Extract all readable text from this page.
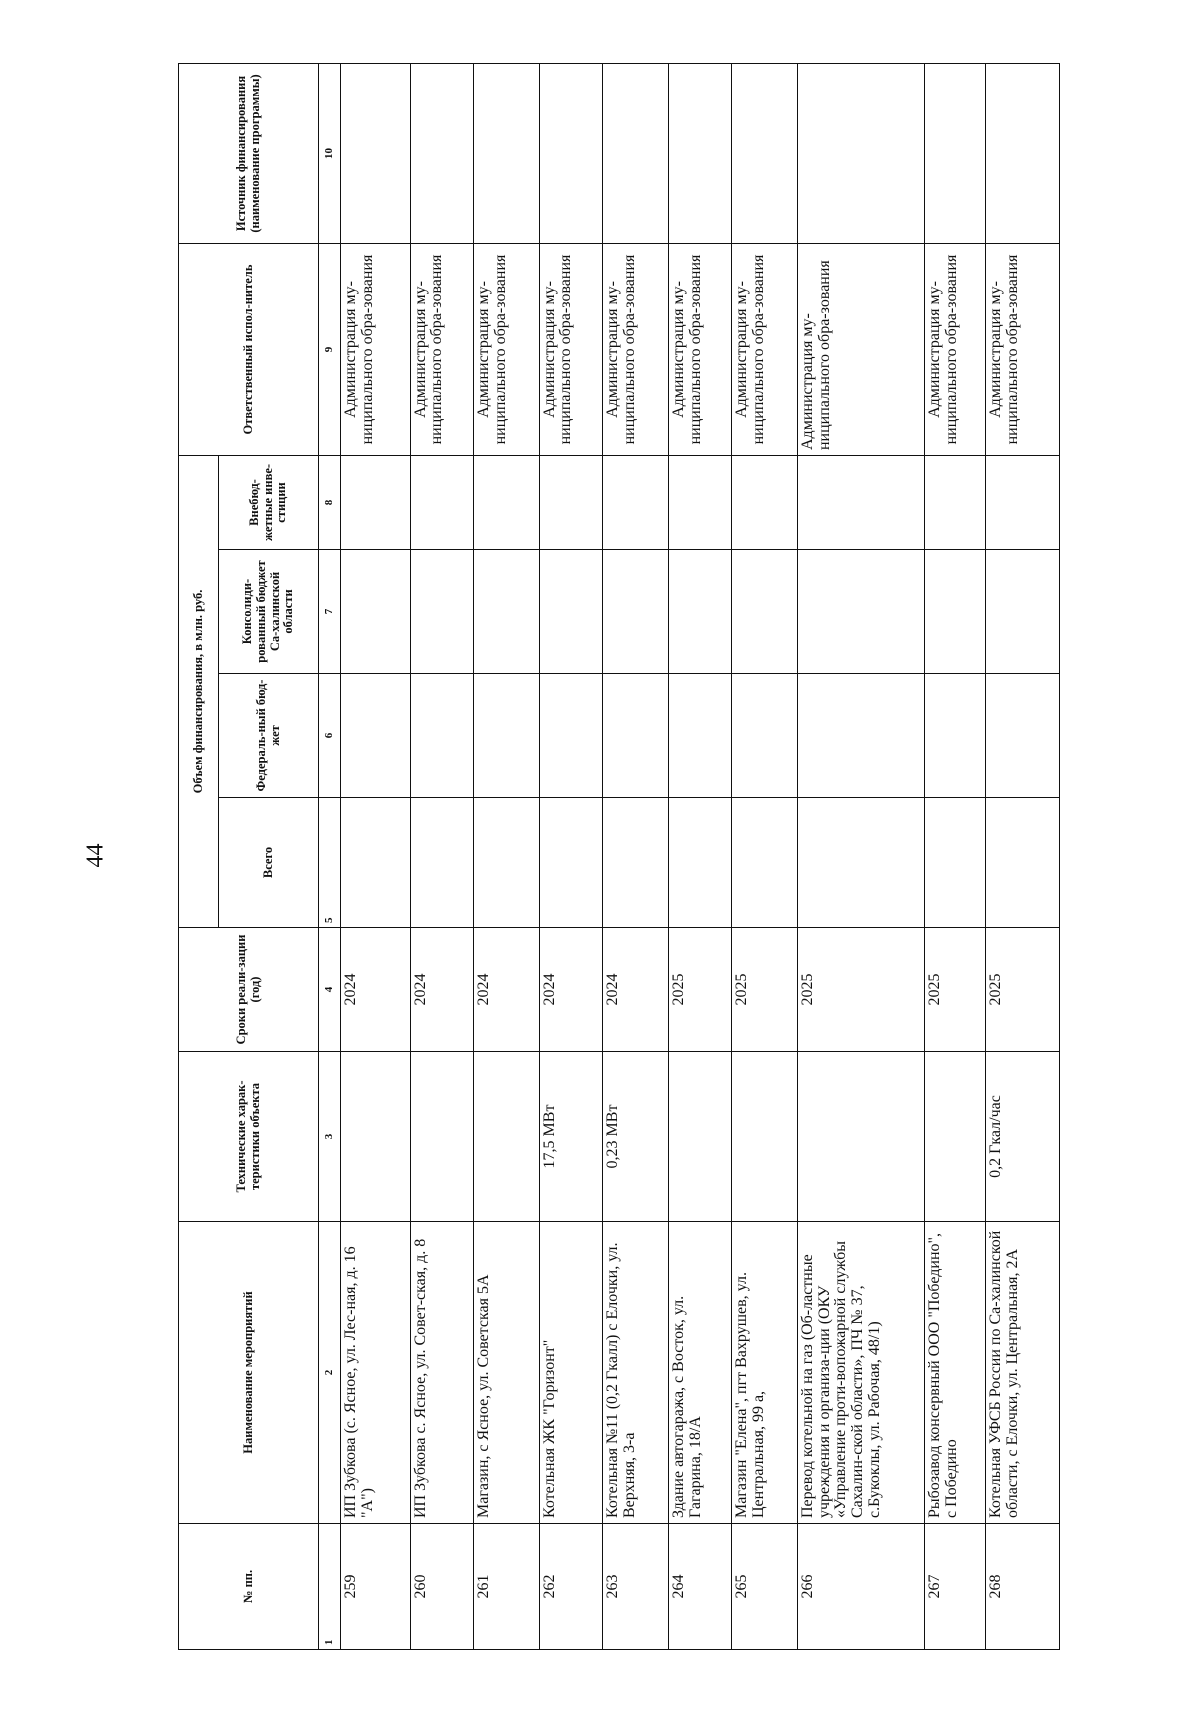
44
№ пп.	Наименование мероприятий	Технические харак-теристики объекта	Сроки реали-зации (год)	Объем финансирования, в млн. руб.				Ответственный испол-нитель	Источник финансирования (наименование программы)
				Всего	Федераль-ный бюд-жет	Консолиди-рованный бюджет Са-халинской области	Внебюд-жетные инве-стиции		
1	2	3	4	5	6	7	8	9	10
259	ИП Зубкова (с. Ясное, ул. Лес-ная, д. 16 "А")		2024					Администрация му-ниципального обра-зования	
260	ИП Зубкова с. Ясное, ул. Совет-ская, д. 8		2024					Администрация му-ниципального обра-зования	
261	Магазин, с Ясное, ул. Советская 5А		2024					Администрация му-ниципального обра-зования	
262	Котельная ЖК "Горизонт"	17,5 МВт	2024					Администрация му-ниципального обра-зования	
263	Котельная №11 (0,2 Гкалл) с Елочки, ул. Верхняя, 3-а	0,23 МВт	2024					Администрация му-ниципального обра-зования	
264	Здание автогаража, с Восток, ул. Гагарина, 18/А		2025					Администрация му-ниципального обра-зования	
265	Магазин "Елена", пгт Вахрушев, ул. Центральная, 99 а,		2025					Администрация му-ниципального обра-зования	
266	Перевод котельной на газ (Об-ластные учреждения и организа-ции (ОКУ «Управление проти-вопожарной службы Сахалин-ской области», ПЧ № 37, с.Букоклы, ул. Рабочая, 48/1)		2025					Администрация му-ниципального обра-зования	
267	Рыбозавод консервный ООО "Победино", с Победино		2025					Администрация му-ниципального обра-зования	
268	Котельная УФСБ России по Са-халинской области, с Елочки, ул. Центральная, 2А	0,2 Гкал/час	2025					Администрация му-ниципального обра-зования	
